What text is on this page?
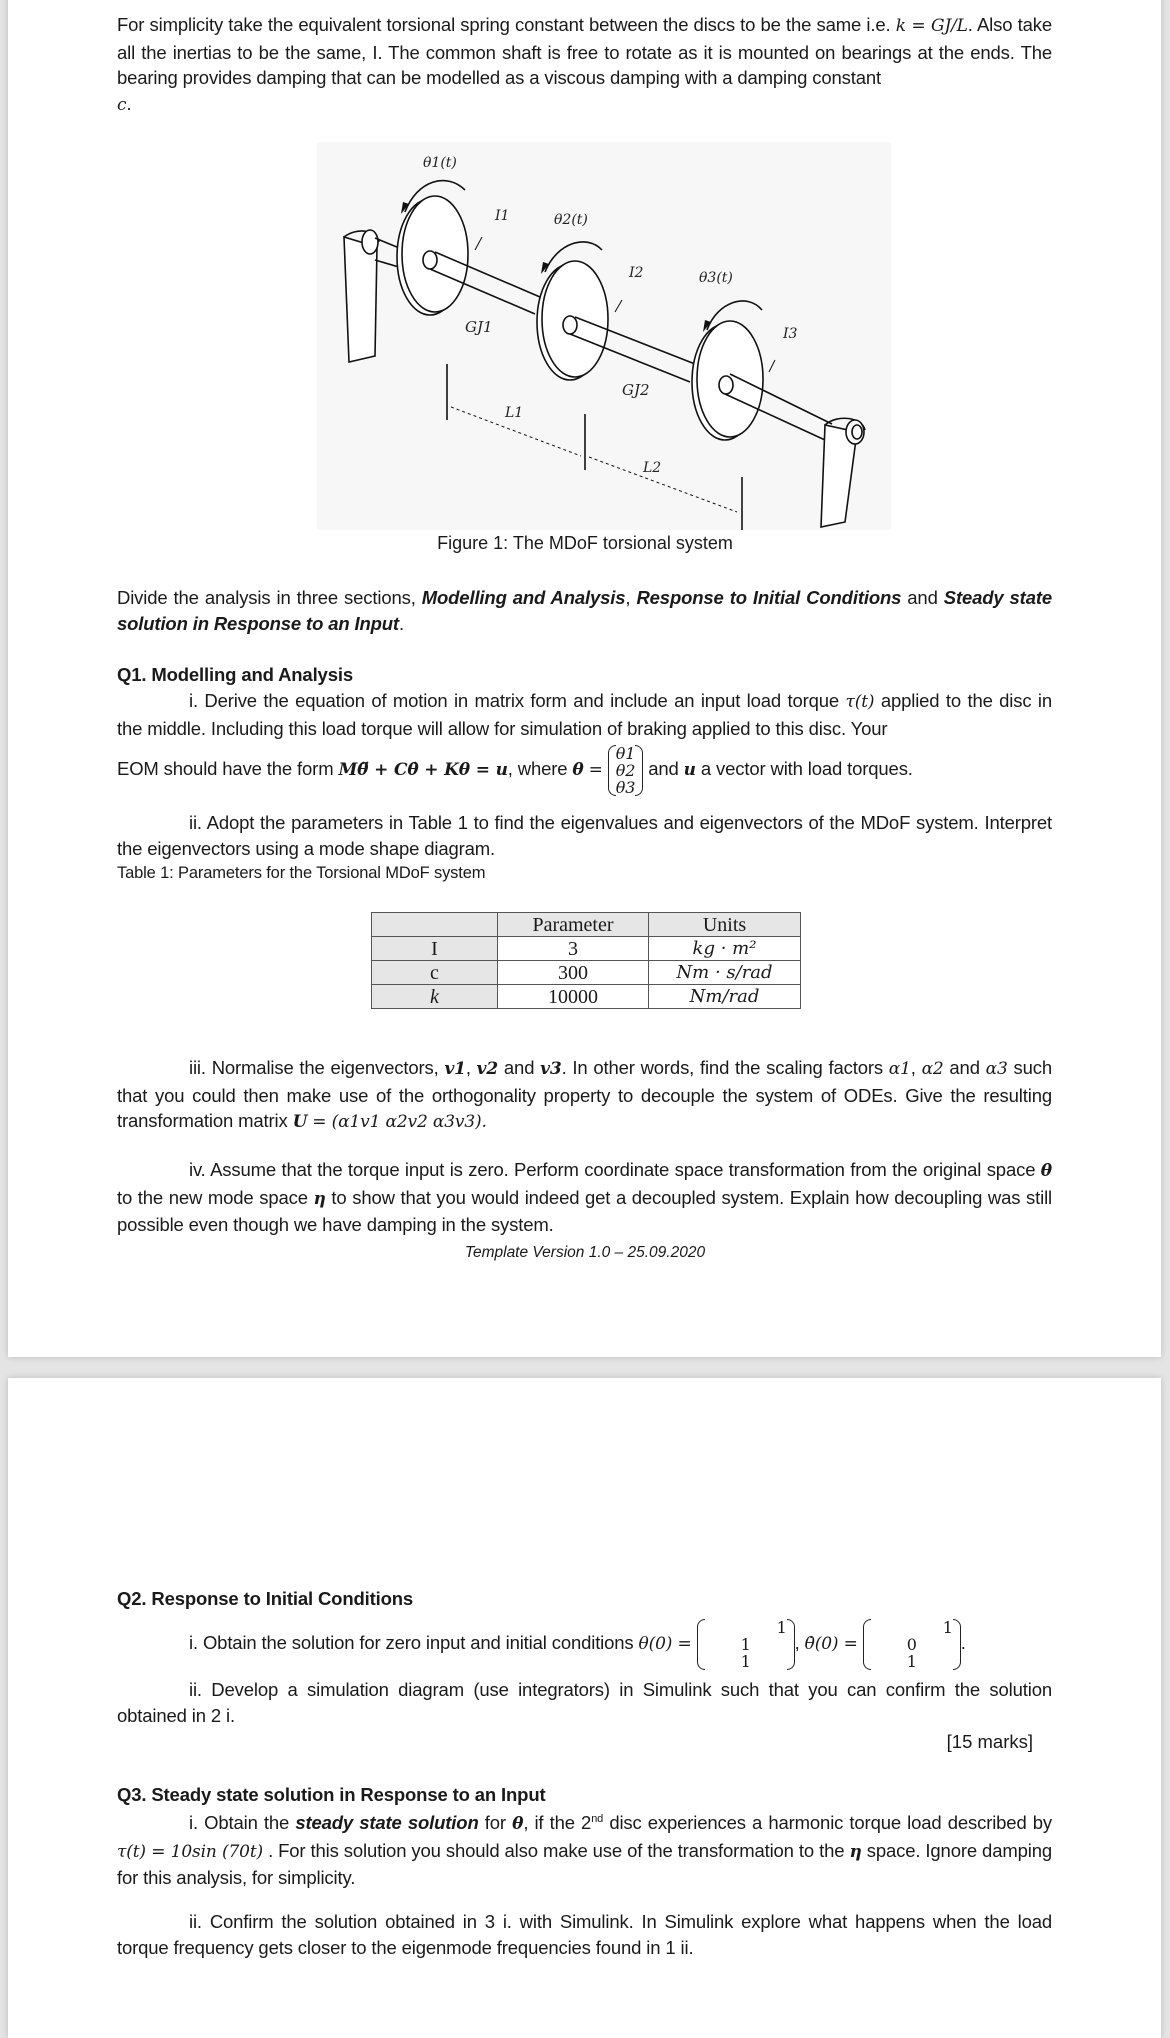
For simplicity take the equivalent torsional spring constant between the discs to be the same i.e. k = GJ/L. Also take all the inertias to be the same, I. The common shaft is free to rotate as it is mounted on bearings at the ends. The bearing provides damping that can be modelled as a viscous damping with a damping constant
c.
θ1(t)
I1	θ2(t)
I2	θ3(t)
I3
GJ1
GJ2
L1
L2
Figure 1: The MDoF torsional system
Divide the analysis in three sections, Modelling and Analysis, Response to Initial Conditions and Steady state solution in Response to an Input.
Q1. Modelling and Analysis
i. Derive the equation of motion in matrix form and include an input load torque τ(t) applied to the disc in the middle. Including this load torque will allow for simulation of braking applied to this disc. Your
EOM should have the form Mθ̈ + Cθ̇ + Kθ = u, where θ = θ1
θ2
θ3 and u a vector with load torques.
ii. Adopt the parameters in Table 1 to find the eigenvalues and eigenvectors of the MDoF system. Interpret the eigenvectors using a mode shape diagram.
Table 1: Parameters for the Torsional MDoF system
	Parameter	Units
I	3	kg · m²
c	300	Nm · s/rad
k	10000	Nm/rad
iii. Normalise the eigenvectors, v1, v2 and v3. In other words, find the scaling factors α1, α2 and α3 such that you could then make use of the orthogonality property to decouple the system of ODEs. Give the resulting transformation matrix U = (α1v1 α2v2 α3v3).
iv. Assume that the torque input is zero. Perform coordinate space transformation from the original space θ to the new mode space η to show that you would indeed get a decoupled system. Explain how decoupling was still possible even though we have damping in the system.
Template Version 1.0 – 25.09.2020
Q2. Response to Initial Conditions
i. Obtain the solution for zero input and initial conditions θ(0) = 1
1
1, θ̇(0) = 1
0
1.
ii. Develop a simulation diagram (use integrators) in Simulink such that you can confirm the solution obtained in 2 i.
[15 marks]
Q3. Steady state solution in Response to an Input
i. Obtain the steady state solution for θ, if the 2nd disc experiences a harmonic torque load described by τ(t) = 10sin (70t) . For this solution you should also make use of the transformation to the η space. Ignore damping for this analysis, for simplicity.
ii. Confirm the solution obtained in 3 i. with Simulink. In Simulink explore what happens when the load torque frequency gets closer to the eigenmode frequencies found in 1 ii.
